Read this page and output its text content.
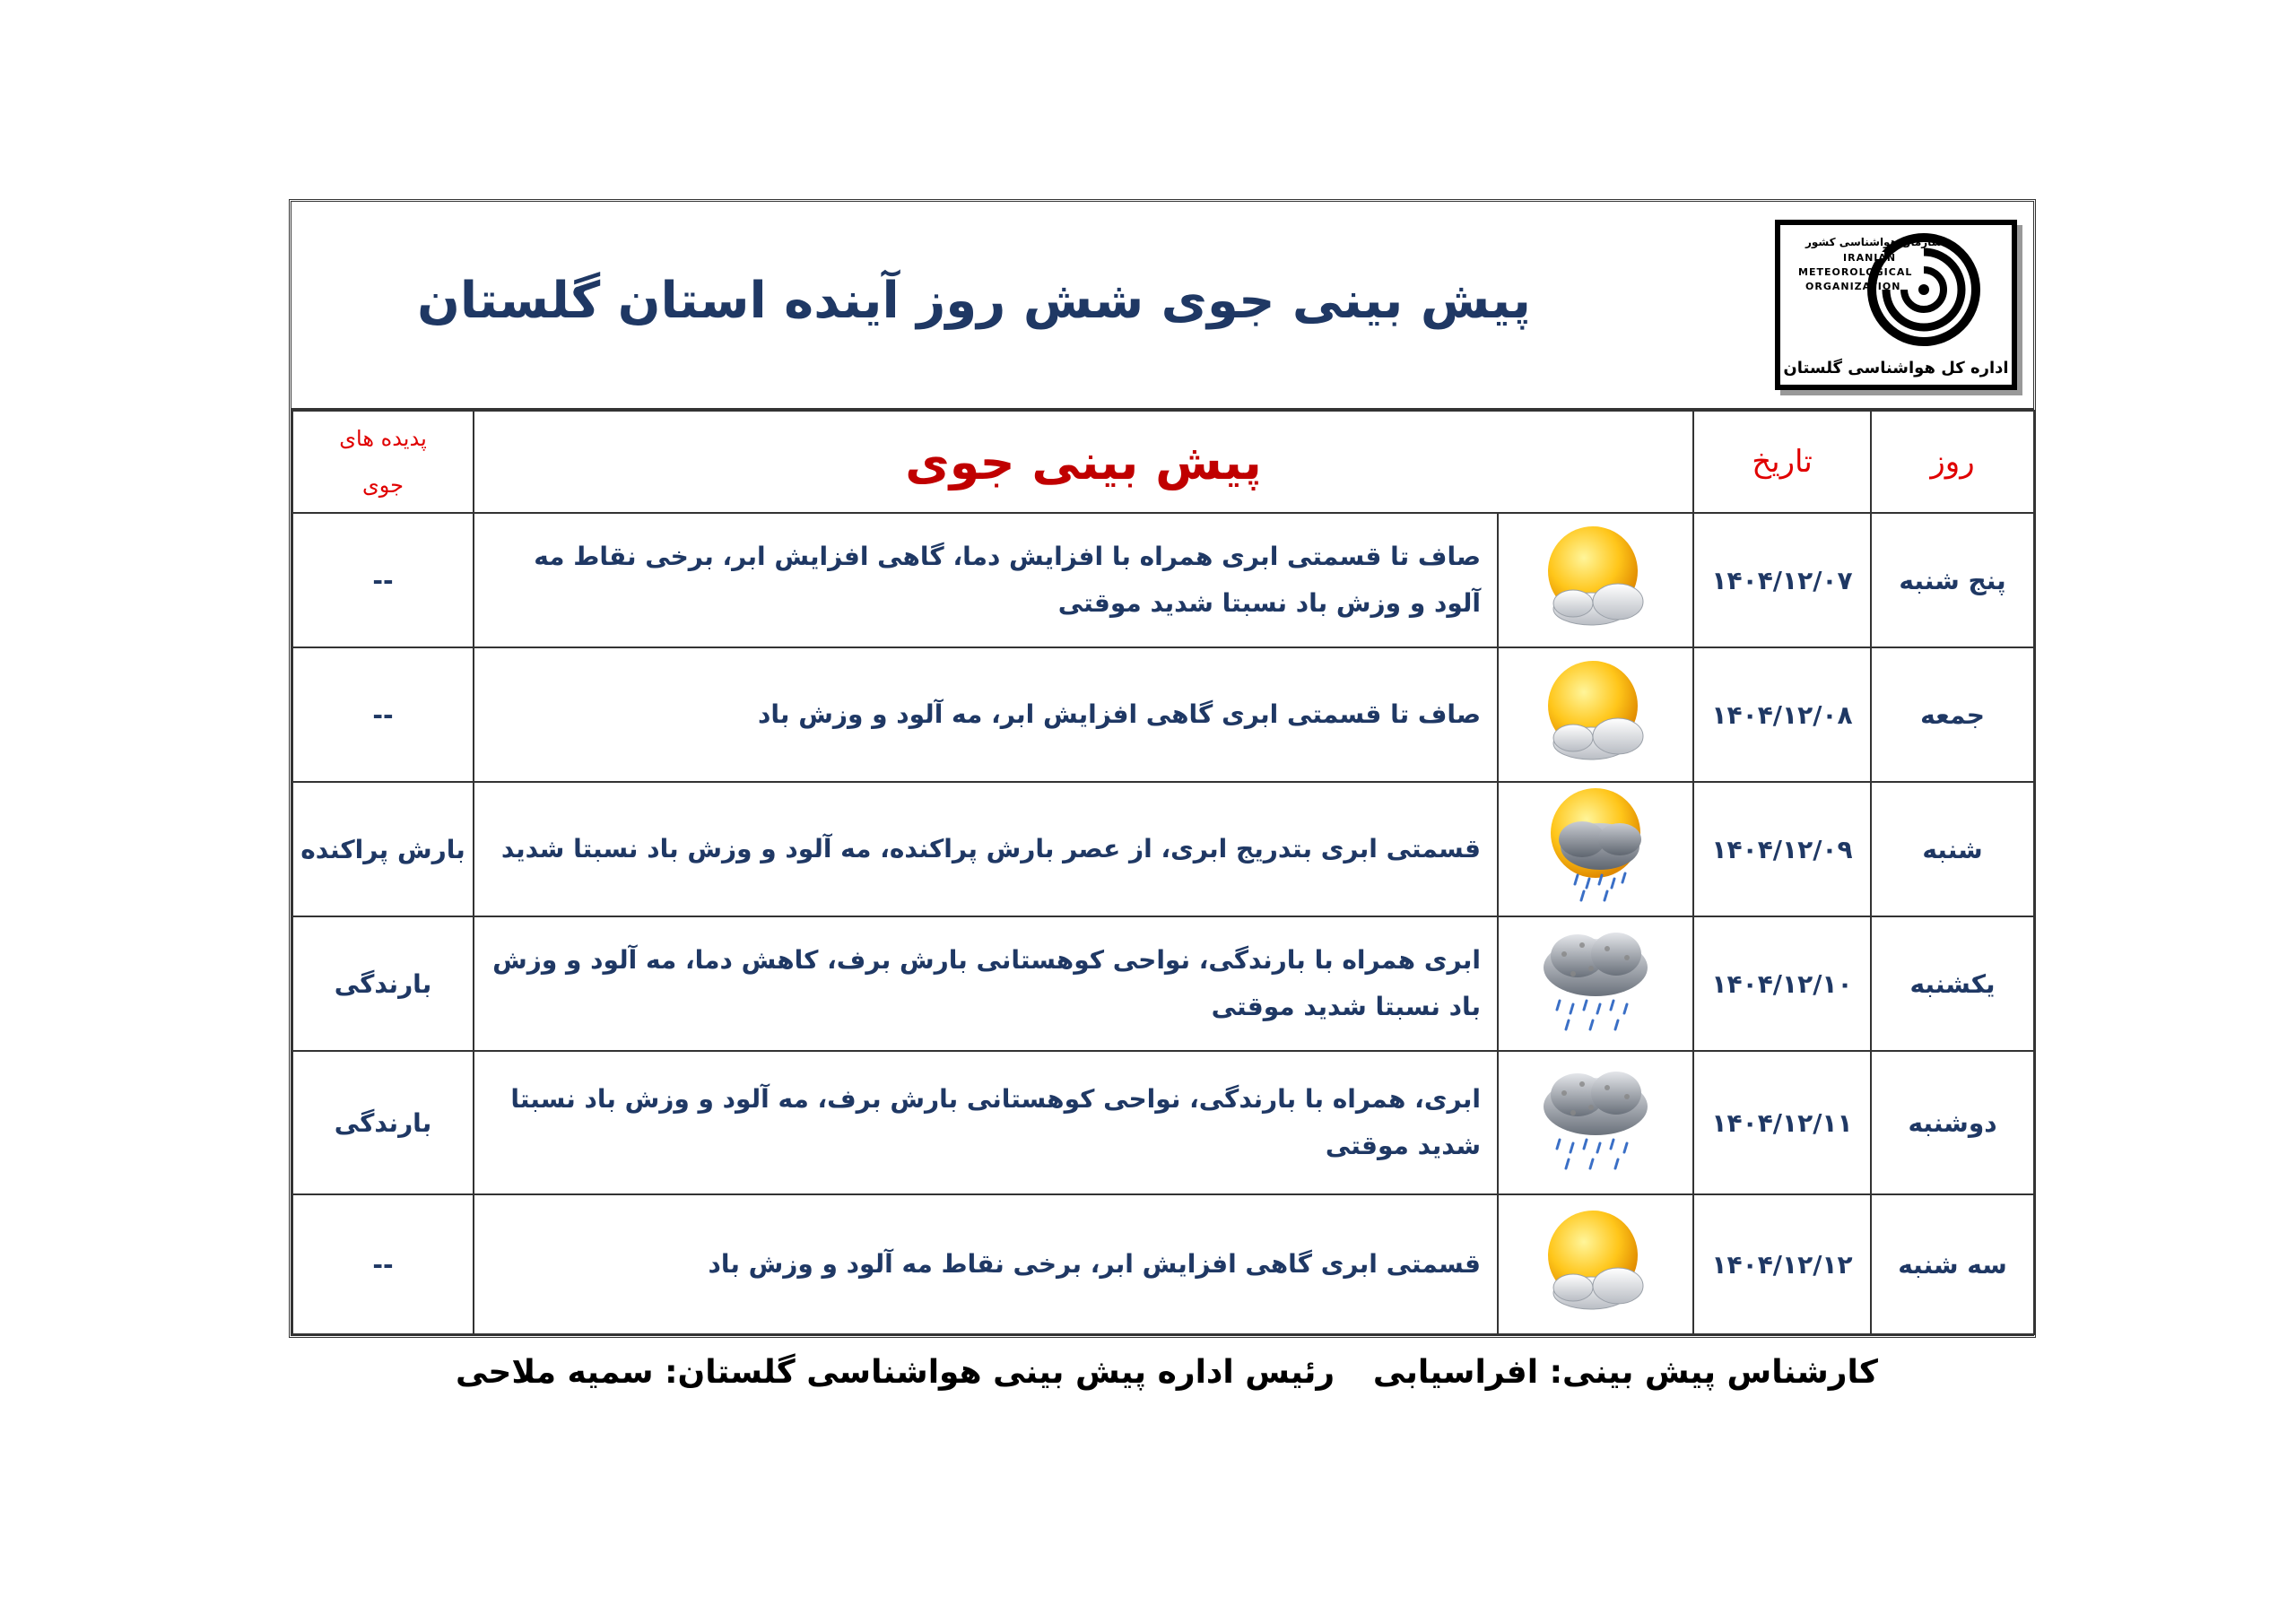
پیش بینی جوی شش روز آینده استان گلستان
سازمان هواشناسی کشور
IRANIAN
METEOROLOGICAL
ORGANIZATION
اداره کل هواشناسی گلستان
روز	تاریخ	پیش بینی جوی		پدیده های
جوی

پنج شنبه	۱۴۰۴/۱۲/۰۷		صاف تا قسمتی ابری همراه با افزایش دما، گاهی افزایش ابر، برخی نقاط مه آلود و وزش باد نسبتا شدید موقتی	--
جمعه	۱۴۰۴/۱۲/۰۸		صاف تا قسمتی ابری گاهی افزایش ابر، مه آلود و وزش باد	--
شنبه	۱۴۰۴/۱۲/۰۹		قسمتی ابری بتدریج ابری، از عصر بارش پراکنده، مه آلود و وزش باد نسبتا شدید	بارش پراکنده
یکشنبه	۱۴۰۴/۱۲/۱۰		ابری همراه با بارندگی، نواحی کوهستانی بارش برف، کاهش دما، مه آلود و وزش باد نسبتا شدید موقتی	بارندگی
دوشنبه	۱۴۰۴/۱۲/۱۱		ابری، همراه با بارندگی، نواحی کوهستانی بارش برف، مه آلود و وزش باد نسبتا شدید موقتی	بارندگی
سه شنبه	۱۴۰۴/۱۲/۱۲		قسمتی ابری گاهی افزایش ابر، برخی نقاط مه آلود و وزش باد	--
کارشناس پیش بینی: افراسیابی
رئیس اداره پیش بینی هواشناسی گلستان: سمیه ملاحی
